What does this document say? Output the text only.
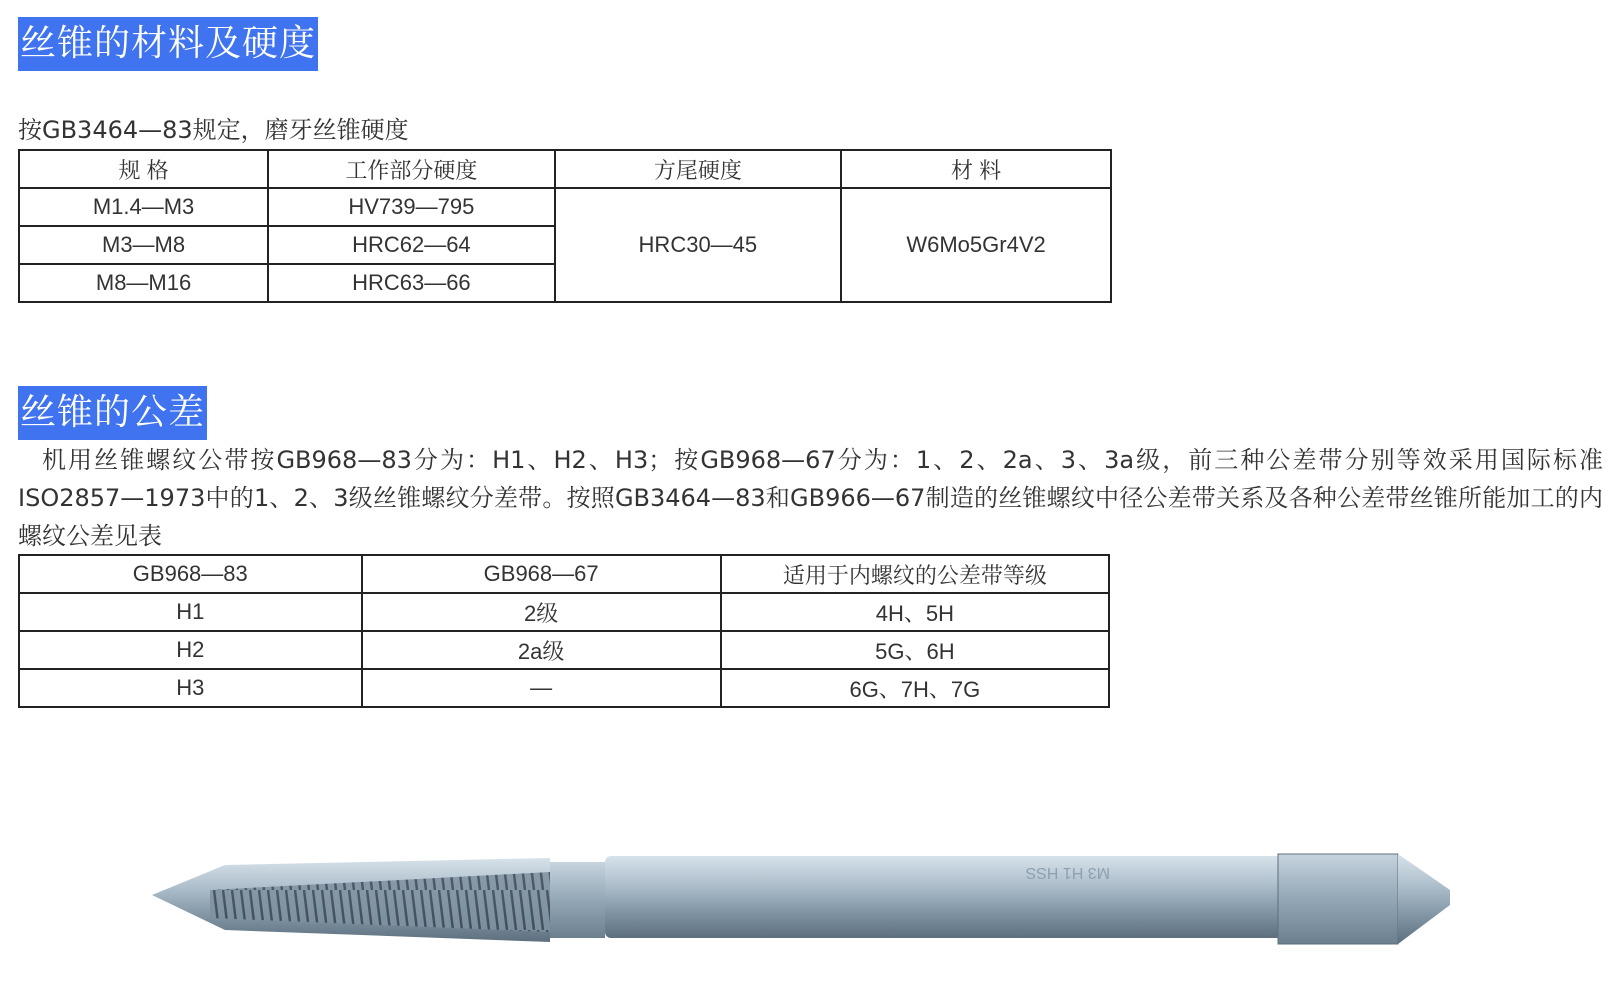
丝锥的材料及硬度
按GB3464—83规定，磨牙丝锥硬度
规 格	工作部分硬度	方尾硬度	材 料
M1.4—M3	HV739—795	HRC30—45	W6Mo5Gr4V2
M3—M8	HRC62—64		
M8—M16	HRC63—66		
丝锥的公差
机用丝锥螺纹公带按GB968—83分为：H1、H2、H3；按GB968—67分为：1、2、2a、3、3a级，前三种公差带分别等效采用国际标准ISO2857—1973中的1、2、3级丝锥螺纹分差带。按照GB3464—83和GB966—67制造的丝锥螺纹中径公差带关系及各种公差带丝锥所能加工的内螺纹公差见表
GB968—83	GB968—67	适用于内螺纹的公差带等级
H1	2级	4H、5H
H2	2a级	5G、6H
H3	—	6G、7H、7G
M3 H1 HSS
